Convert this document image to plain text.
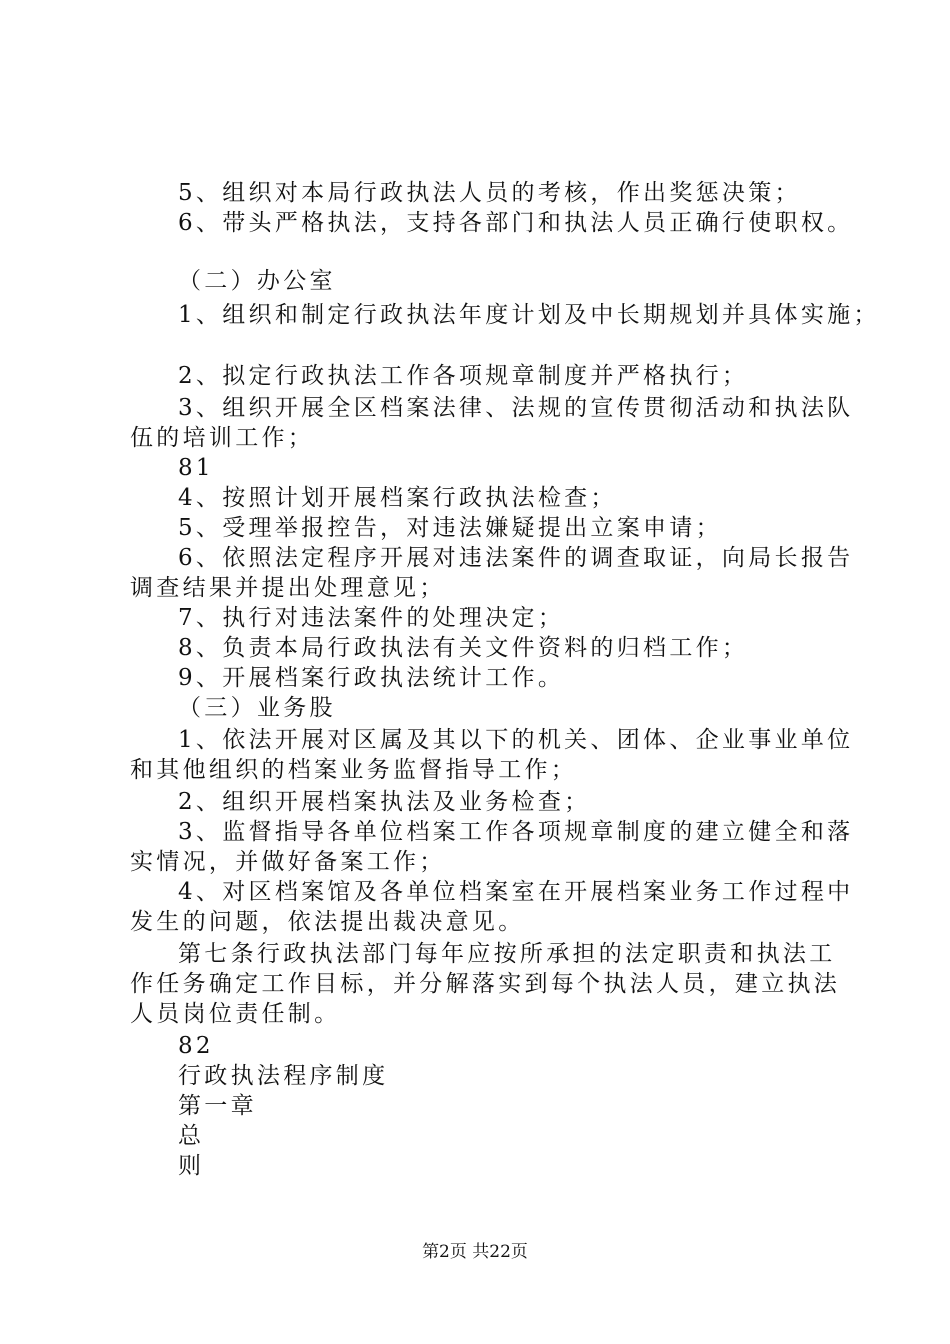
5、组织对本局行政执法人员的考核，作出奖惩决策；

6、带头严格执法，支持各部门和执法人员正确行使职权。

（二）办公室

1、组织和制定行政执法年度计划及中长期规划并具体实施；

2、拟定行政执法工作各项规章制度并严格执行；

3、组织开展全区档案法律、法规的宣传贯彻活动和执法队

伍的培训工作；

81

4、按照计划开展档案行政执法检查；

5、受理举报控告，对违法嫌疑提出立案申请；

6、依照法定程序开展对违法案件的调查取证，向局长报告

调查结果并提出处理意见；

7、执行对违法案件的处理决定；

8、负责本局行政执法有关文件资料的归档工作；

9、开展档案行政执法统计工作。

（三）业务股

1、依法开展对区属及其以下的机关、团体、企业事业单位

和其他组织的档案业务监督指导工作；

2、组织开展档案执法及业务检查；

3、监督指导各单位档案工作各项规章制度的建立健全和落

实情况，并做好备案工作；

4、对区档案馆及各单位档案室在开展档案业务工作过程中

发生的问题，依法提出裁决意见。

第七条行政执法部门每年应按所承担的法定职责和执法工

作任务确定工作目标，并分解落实到每个执法人员，建立执法

人员岗位责任制。

82

行政执法程序制度

第一章

总

则

第2页 共22页
